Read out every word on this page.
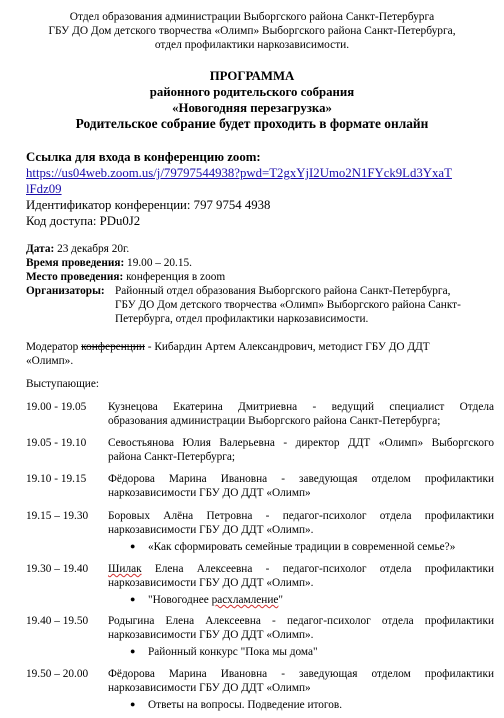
Отдел образования администрации Выборгского района Санкт-Петербурга
ГБУ ДО Дом детского творчества «Олимп» Выборгского района Санкт-Петербурга,
отдел профилактики наркозависимости.
ПРОГРАММА
районного родительского собрания
«Новогодняя перезагрузка»
Родительское собрание будет проходить в формате онлайн
Ссылка для входа в конференцию zoom:
https://us04web.zoom.us/j/79797544938?pwd=T2gxYjI2Umo2N1FYck9Ld3YxaT
lFdz09
Идентификатор конференции: 797 9754 4938
Код доступа: PDu0J2
Дата: 23 декабря 20г.
Время проведения: 19.00 – 20.15.
Место проведения: конференция в zoom
Организаторы: Районный отдел образования Выборгского района Санкт-Петербурга,
ГБУ ДО Дом детского творчества «Олимп» Выборгского района Санкт-
Петербурга, отдел профилактики наркозависимости.
Модератор конференции - Кибардин Артем Александрович, методист ГБУ ДО ДДТ
«Олимп».
Выступающие:
19.00 - 19.05 Кузнецова Екатерина Дмитриевна - ведущий специалист Отдела
образования администрации Выборгского района Санкт-Петербурга;
19.05 - 19.10 Севостьянова Юлия Валерьевна - директор ДДТ «Олимп» Выборгского
района Санкт-Петербурга;
19.10 - 19.15 Фёдорова Марина Ивановна - заведующая отделом профилактики
наркозависимости ГБУ ДО ДДТ «Олимп»
19.15 – 19.30 Боровых Алёна Петровна - педагог-психолог отдела профилактики
наркозависимости ГБУ ДО ДДТ «Олимп».
● «Как сформировать семейные традиции в современной семье?»
19.30 – 19.40 Шилак Елена Алексеевна - педагог-психолог отдела профилактики
наркозависимости ГБУ ДО ДДТ «Олимп».
● "Новогоднее расхламление"
19.40 – 19.50 Родыгина Елена Алексеевна - педагог-психолог отдела профилактики
наркозависимости ГБУ ДО ДДТ «Олимп».
● Районный конкурс "Пока мы дома"
19.50 – 20.00 Фёдорова Марина Ивановна - заведующая отделом профилактики
наркозависимости ГБУ ДО ДДТ «Олимп»
● Ответы на вопросы. Подведение итогов.
